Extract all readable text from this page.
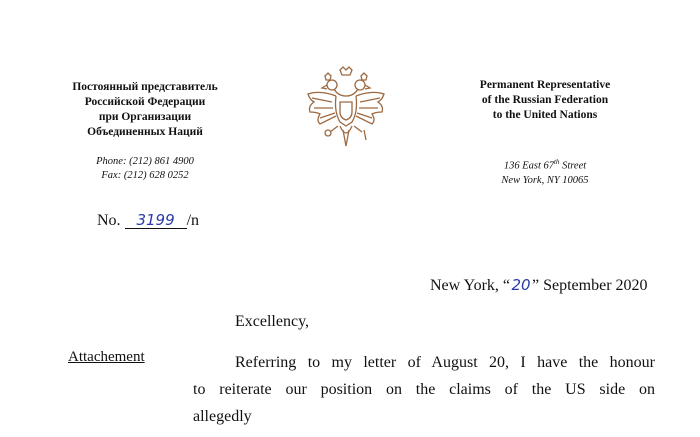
Постоянный представитель
Российской Федерации
при Организации
Объединенных Наций
Permanent Representative
of the Russian Federation
to the United Nations
Phone: (212) 861 4900
Fax: (212) 628 0252
136 East 67th Street
New York, NY 10065
No. 3199 /n
New York, “20” September 2020
Excellency,
Attachement	Referring to my letter of August 20, I have the honour
to reiterate our position on the claims of the US side on allegedly
